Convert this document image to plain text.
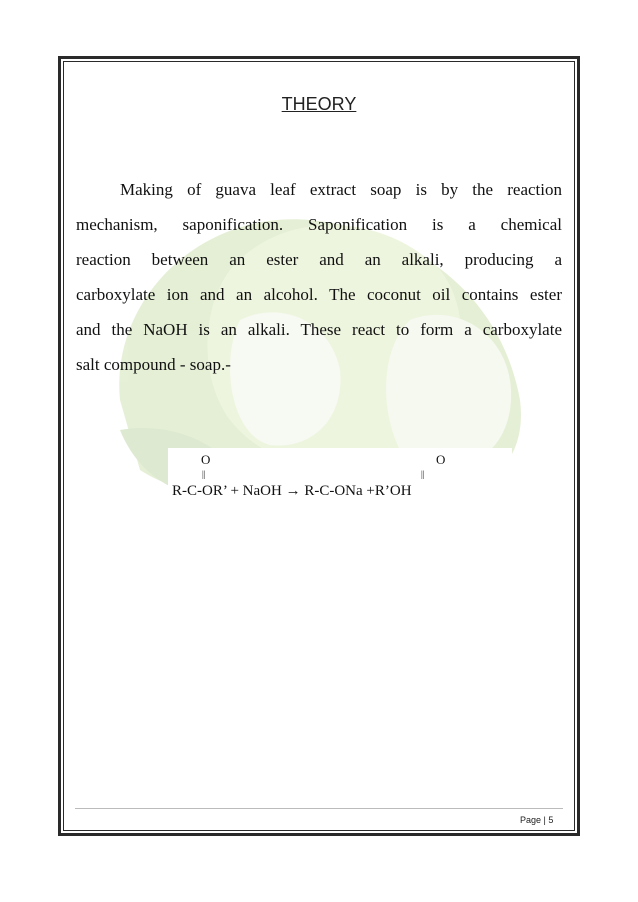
THEORY
Making of guava leaf extract soap is by the reaction
mechanism, saponification. Saponification is a chemical
reaction between an ester and an alkali, producing a
carboxylate ion and an alcohol. The coconut oil contains ester
and the NaOH is an alkali. These react to form a carboxylate
salt compound - soap.-
O
||
O
||
R-C-OR’ + NaOH → R-C-ONa +R’OH
Page | 5
